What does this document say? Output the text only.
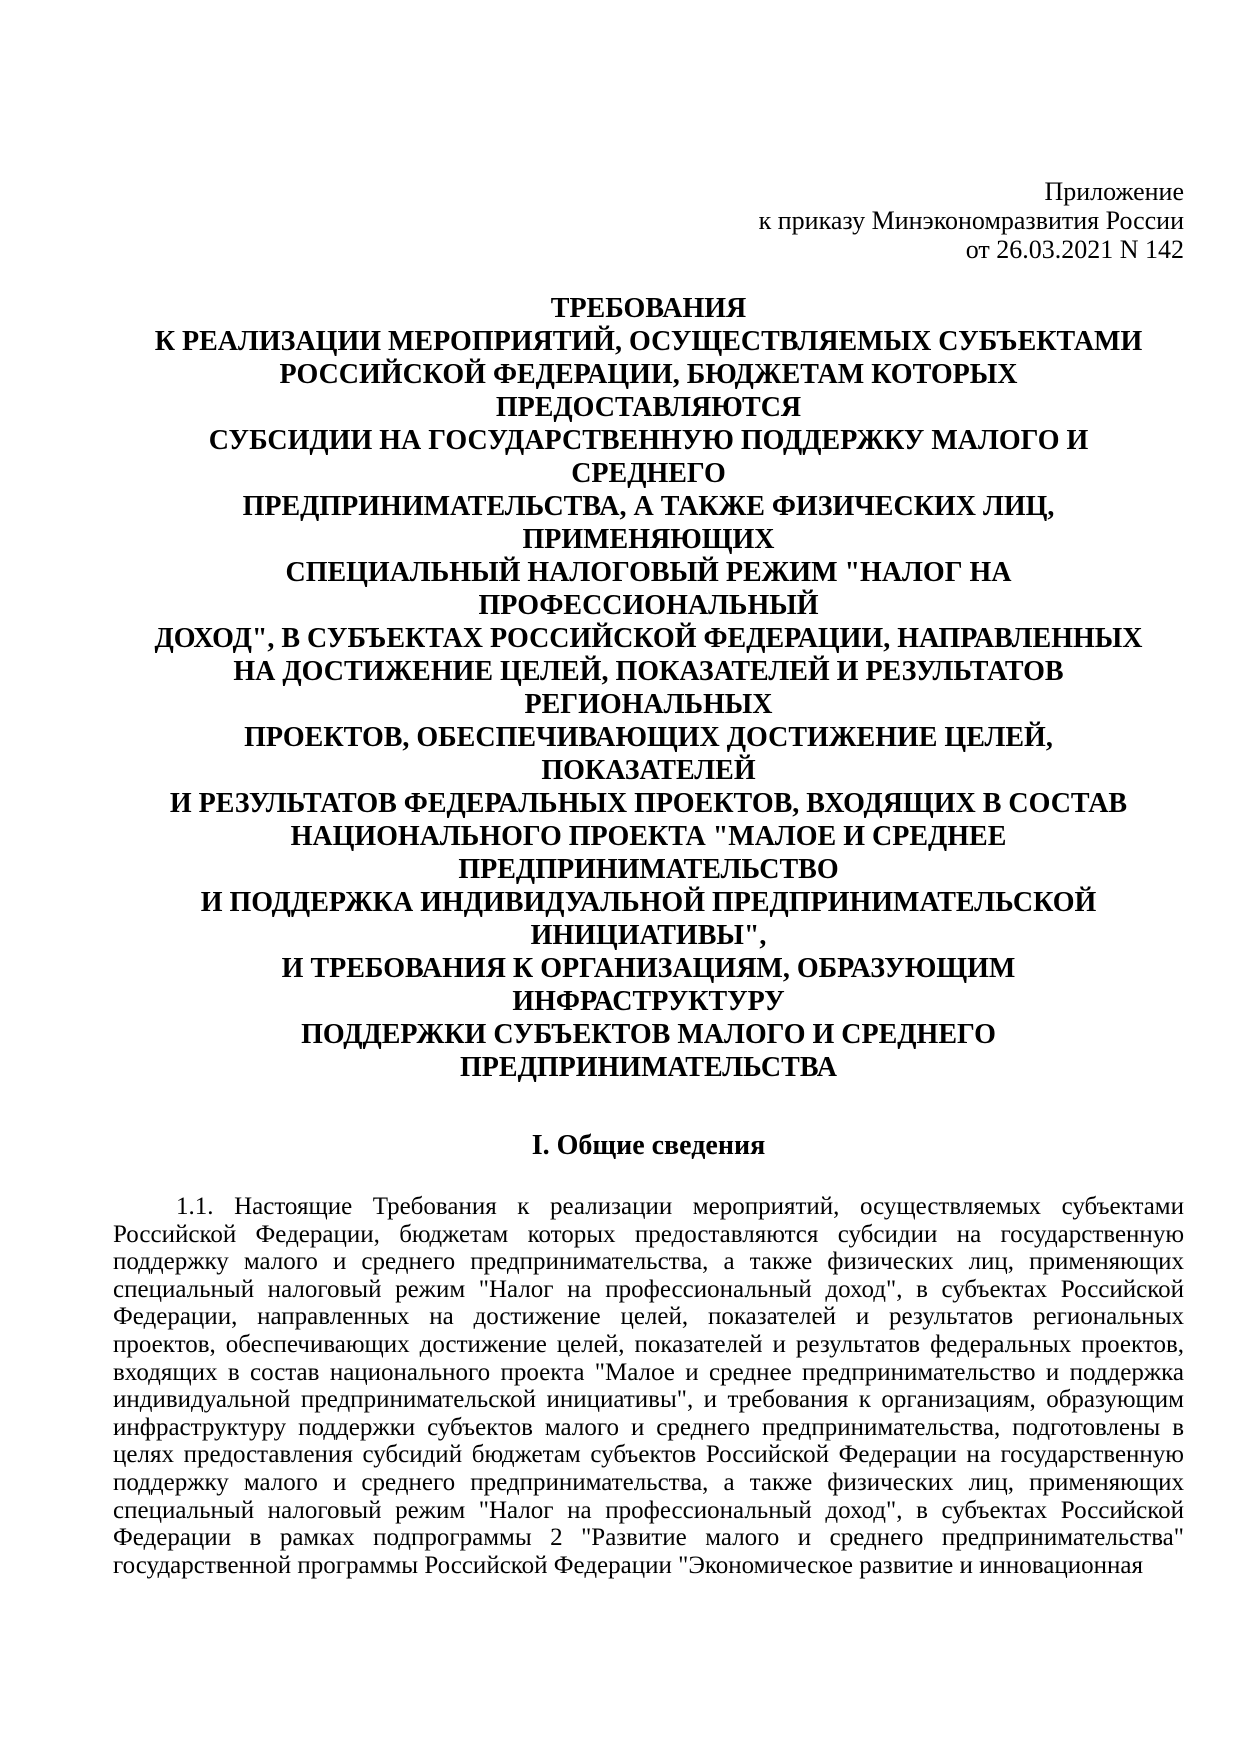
Приложение
к приказу Минэкономразвития России
от 26.03.2021 N 142
ТРЕБОВАНИЯ
К РЕАЛИЗАЦИИ МЕРОПРИЯТИЙ, ОСУЩЕСТВЛЯЕМЫХ СУБЪЕКТАМИ
РОССИЙСКОЙ ФЕДЕРАЦИИ, БЮДЖЕТАМ КОТОРЫХ
ПРЕДОСТАВЛЯЮТСЯ
СУБСИДИИ НА ГОСУДАРСТВЕННУЮ ПОДДЕРЖКУ МАЛОГО И
СРЕДНЕГО
ПРЕДПРИНИМАТЕЛЬСТВА, А ТАКЖЕ ФИЗИЧЕСКИХ ЛИЦ,
ПРИМЕНЯЮЩИХ
СПЕЦИАЛЬНЫЙ НАЛОГОВЫЙ РЕЖИМ "НАЛОГ НА
ПРОФЕССИОНАЛЬНЫЙ
ДОХОД", В СУБЪЕКТАХ РОССИЙСКОЙ ФЕДЕРАЦИИ, НАПРАВЛЕННЫХ
НА ДОСТИЖЕНИЕ ЦЕЛЕЙ, ПОКАЗАТЕЛЕЙ И РЕЗУЛЬТАТОВ
РЕГИОНАЛЬНЫХ
ПРОЕКТОВ, ОБЕСПЕЧИВАЮЩИХ ДОСТИЖЕНИЕ ЦЕЛЕЙ,
ПОКАЗАТЕЛЕЙ
И РЕЗУЛЬТАТОВ ФЕДЕРАЛЬНЫХ ПРОЕКТОВ, ВХОДЯЩИХ В СОСТАВ
НАЦИОНАЛЬНОГО ПРОЕКТА "МАЛОЕ И СРЕДНЕЕ
ПРЕДПРИНИМАТЕЛЬСТВО
И ПОДДЕРЖКА ИНДИВИДУАЛЬНОЙ ПРЕДПРИНИМАТЕЛЬСКОЙ
ИНИЦИАТИВЫ",
И ТРЕБОВАНИЯ К ОРГАНИЗАЦИЯМ, ОБРАЗУЮЩИМ
ИНФРАСТРУКТУРУ
ПОДДЕРЖКИ СУБЪЕКТОВ МАЛОГО И СРЕДНЕГО
ПРЕДПРИНИМАТЕЛЬСТВА
I. Общие сведения

1.1. Настоящие Требования к реализации мероприятий, осуществляемых субъектами Российской Федерации, бюджетам которых предоставляются субсидии на государственную поддержку малого и среднего предпринимательства, а также физических лиц, применяющих специальный налоговый режим "Налог на профессиональный доход", в субъектах Российской Федерации, направленных на достижение целей, показателей и результатов региональных проектов, обеспечивающих достижение целей, показателей и результатов федеральных проектов, входящих в состав национального проекта "Малое и среднее предпринимательство и поддержка индивидуальной предпринимательской инициативы", и требования к организациям, образующим инфраструктуру поддержки субъектов малого и среднего предпринимательства, подготовлены в целях предоставления субсидий бюджетам субъектов Российской Федерации на государственную поддержку малого и среднего предпринимательства, а также физических лиц, применяющих специальный налоговый режим "Налог на профессиональный доход", в субъектах Российской Федерации в рамках подпрограммы 2 "Развитие малого и среднего предпринимательства" государственной программы Российской Федерации "Экономическое развитие и инновационная
